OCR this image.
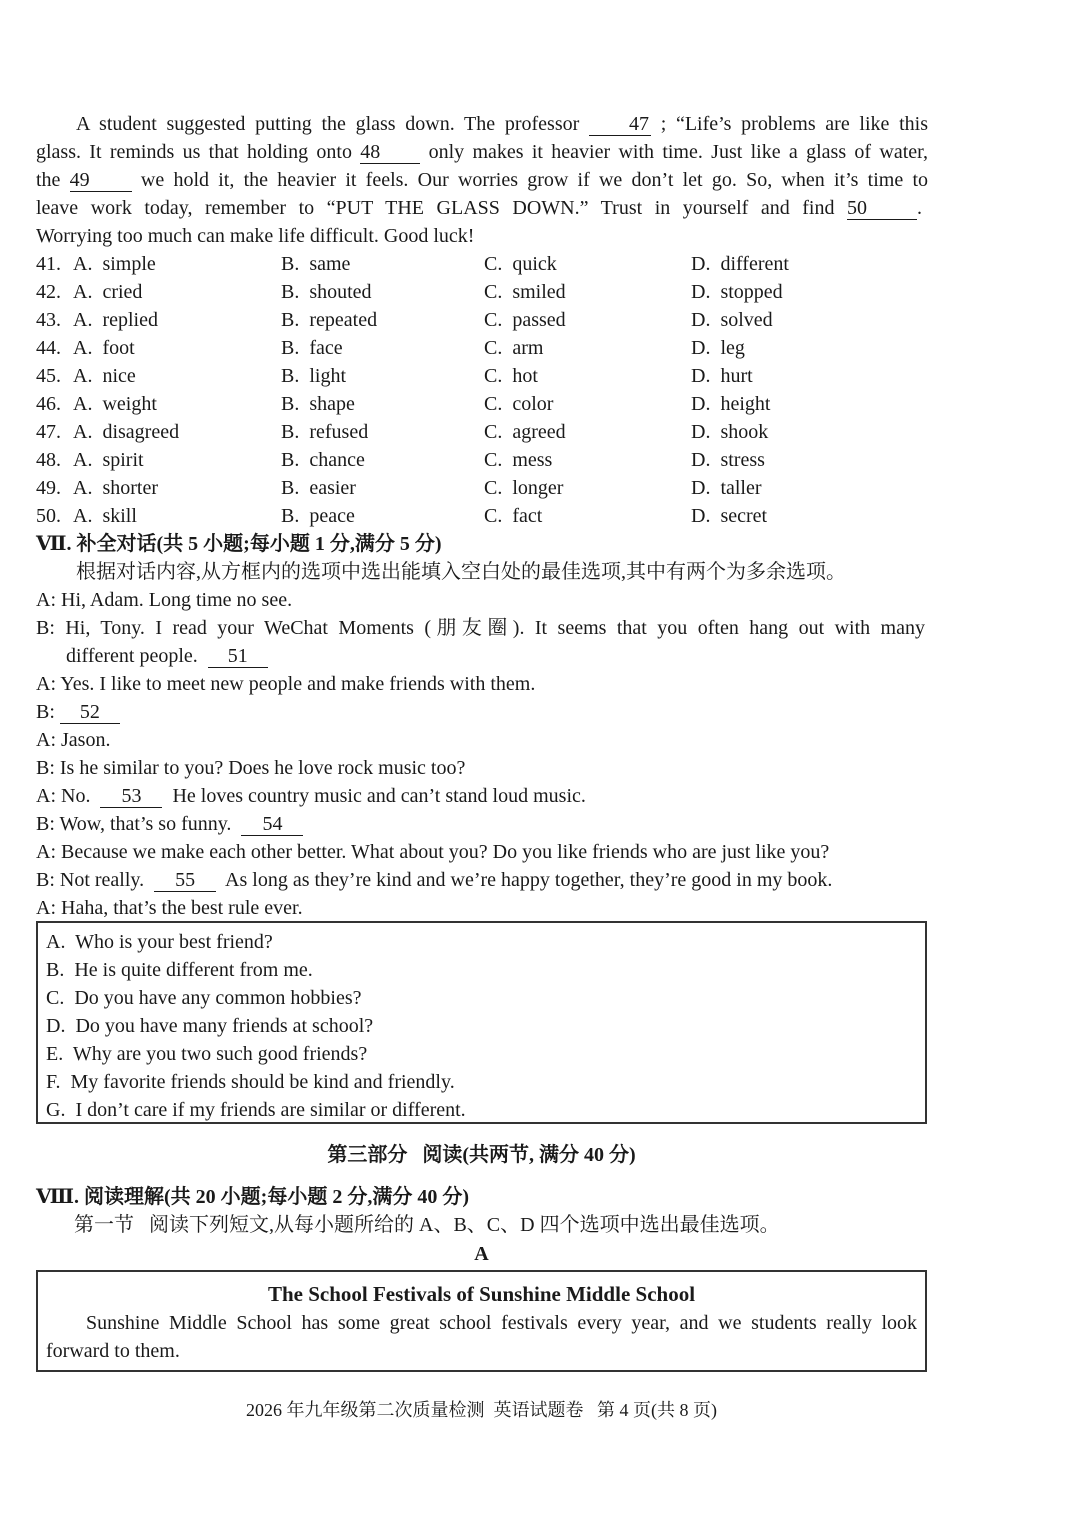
A student suggested putting the glass down. The professor 47 ; “Life’s problems are like this
glass. It reminds us that holding onto 48 only makes it heavier with time. Just like a glass of water,
the 49	we hold it, the heavier it feels. Our worries grow if we don’t let go. So, when it’s time to
leave work today, remember to “PUT THE GLASS DOWN.” Trust in yourself and find 50	.
Worrying too much can make life difficult. Good luck!
41. A.  simple	B.  same	C.  quick	D.  different
42. A.  cried	B.  shouted	C.  smiled	D.  stopped
43. A.  replied	B.  repeated	C.  passed	D.  solved
44. A.  foot	B.  face	C.  arm	D.  leg
45. A.  nice	B.  light	C.  hot	D.  hurt
46. A.  weight	B.  shape	C.  color	D.  height
47. A.  disagreed	B.  refused	C.  agreed	D.  shook
48. A.  spirit	B.  chance	C.  mess	D.  stress
49. A.  shorter	B.  easier	C.  longer	D.  taller
50. A.  skill	B.  peace	C.  fact	D.  secret
Ⅶ. 补全对话(共 5 小题;每小题 1 分,满分 5 分)
根据对话内容,从方框内的选项中选出能填入空白处的最佳选项,其中有两个为多余选项。
A: Hi, Adam. Long time no see.
B: Hi, Tony. I read your WeChat Moments (朋友圈). It seems that you often hang out with many
different people. 51
A: Yes. I like to meet new people and make friends with them.
B: 52
A: Jason.
B: Is he similar to you? Does he love rock music too?
A: No. 53 He loves country music and can’t stand loud music.
B: Wow, that’s so funny. 54
A: Because we make each other better. What about you? Do you like friends who are just like you?
B: Not really. 55 As long as they’re kind and we’re happy together, they’re good in my book.
A: Haha, that’s the best rule ever.
A.  Who is your best friend?
B.  He is quite different from me.
C.  Do you have any common hobbies?
D.  Do you have many friends at school?
E.  Why are you two such good friends?
F.  My favorite friends should be kind and friendly.
G.  I don’t care if my friends are similar or different.
第三部分   阅读(共两节, 满分 40 分)
Ⅷ. 阅读理解(共 20 小题;每小题 2 分,满分 40 分)
第一节   阅读下列短文,从每小题所给的 A、B、C、D 四个选项中选出最佳选项。
A
The School Festivals of Sunshine Middle School
Sunshine Middle School has some great school festivals every year, and we students really look
forward to them.
2026 年九年级第二次质量检测  英语试题卷   第 4 页(共 8 页)
